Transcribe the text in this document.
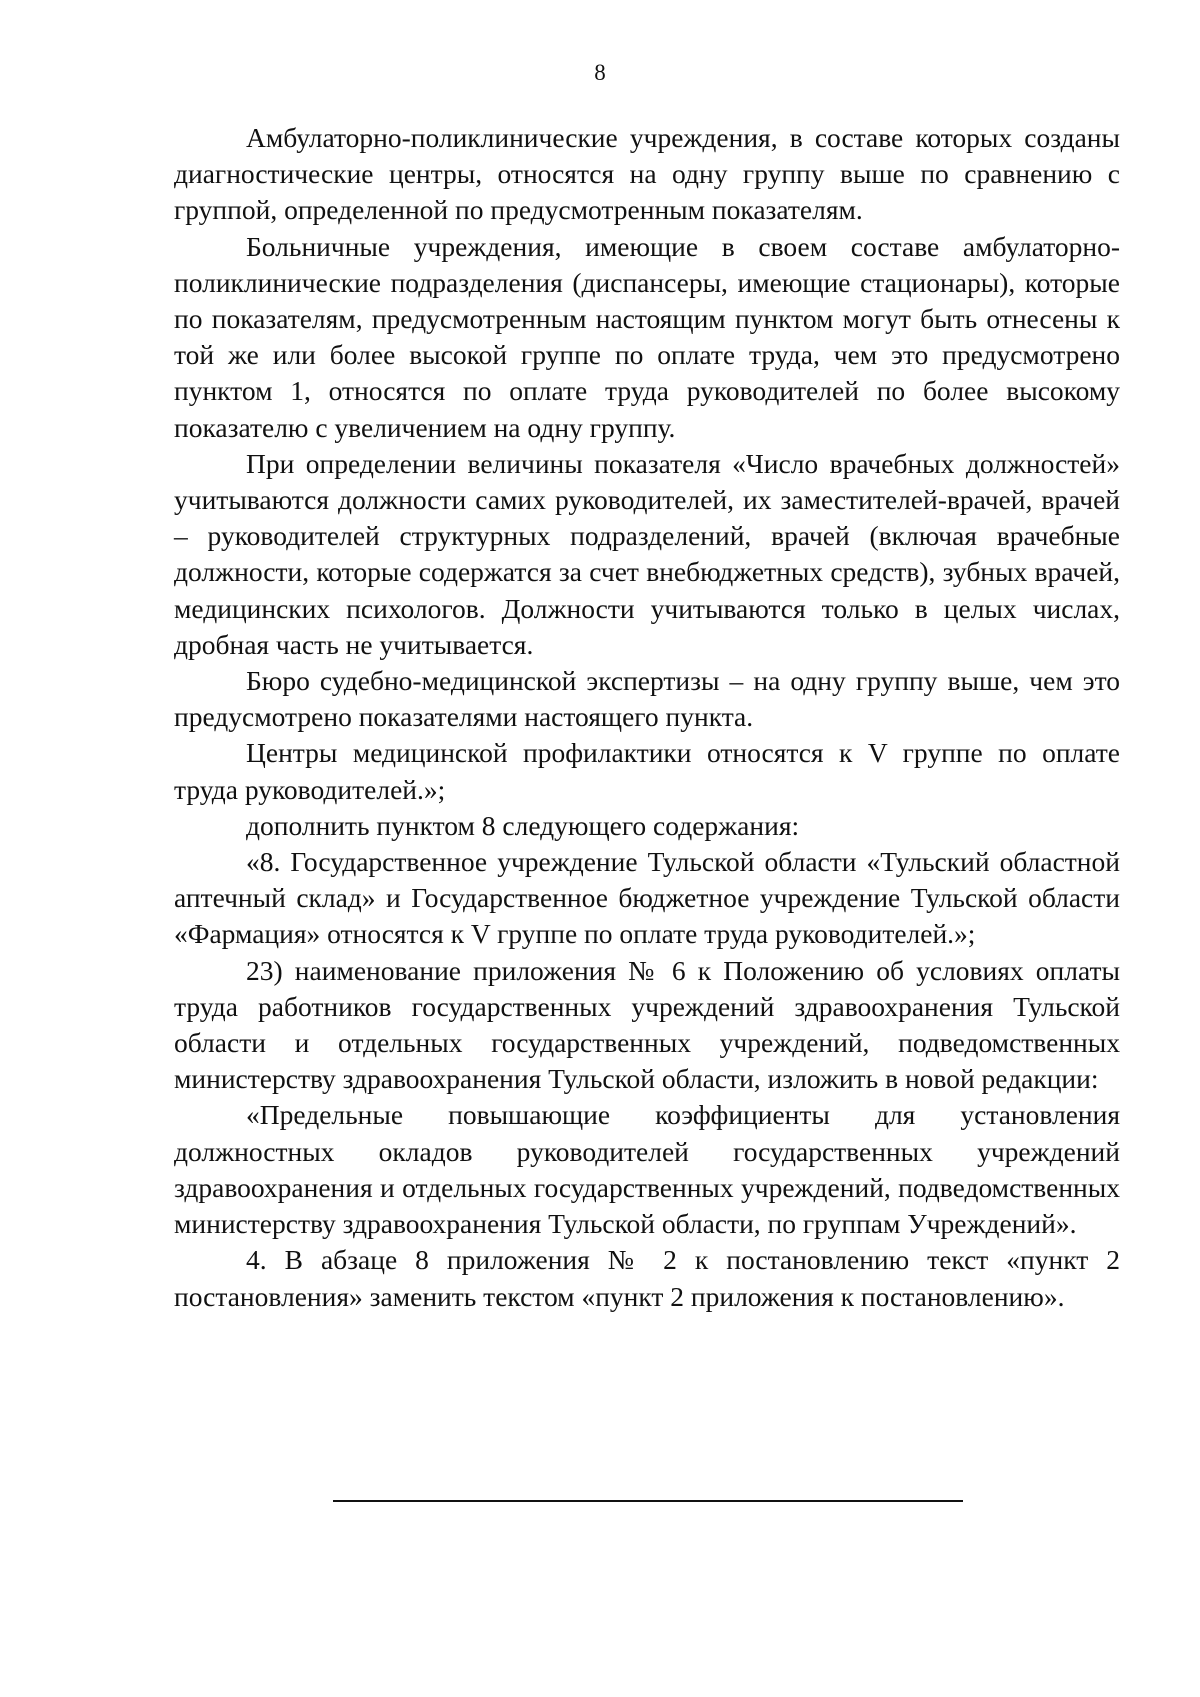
8

Амбулаторно-поликлинические учреждения, в составе которых созданы диагностические центры, относятся на одну группу выше по сравнению с группой, определенной по предусмотренным показателям.

Больничные учреждения, имеющие в своем составе амбулаторно-поликлинические подразделения (диспансеры, имеющие стационары), которые по показателям, предусмотренным настоящим пунктом могут быть отнесены к той же или более высокой группе по оплате труда, чем это предусмотрено пунктом 1, относятся по оплате труда руководителей по более высокому показателю с увеличением на одну группу.

При определении величины показателя «Число врачебных должностей» учитываются должности самих руководителей, их заместителей-врачей, врачей – руководителей структурных подразделений, врачей (включая врачебные должности, которые содержатся за счет внебюджетных средств), зубных врачей, медицинских психологов. Должности учитываются только в целых числах, дробная часть не учитывается.

Бюро судебно-медицинской экспертизы – на одну группу выше, чем это предусмотрено показателями настоящего пункта.

Центры медицинской профилактики относятся к V группе по оплате труда руководителей.»;

дополнить пунктом 8 следующего содержания:

«8. Государственное учреждение Тульской области «Тульский областной аптечный склад» и Государственное бюджетное учреждение Тульской области «Фармация» относятся к V группе по оплате труда руководителей.»;

23) наименование приложения № 6 к Положению об условиях оплаты труда работников государственных учреждений здравоохранения Тульской области и отдельных государственных учреждений, подведомственных министерству здравоохранения Тульской области, изложить в новой редакции:

«Предельные повышающие коэффициенты для установления должностных окладов руководителей государственных учреждений здравоохранения и отдельных государственных учреждений, подведомственных министерству здравоохранения Тульской области, по группам Учреждений».

4. В абзаце 8 приложения № 2 к постановлению текст «пункт 2 постановления» заменить текстом «пункт 2 приложения к постановлению».
